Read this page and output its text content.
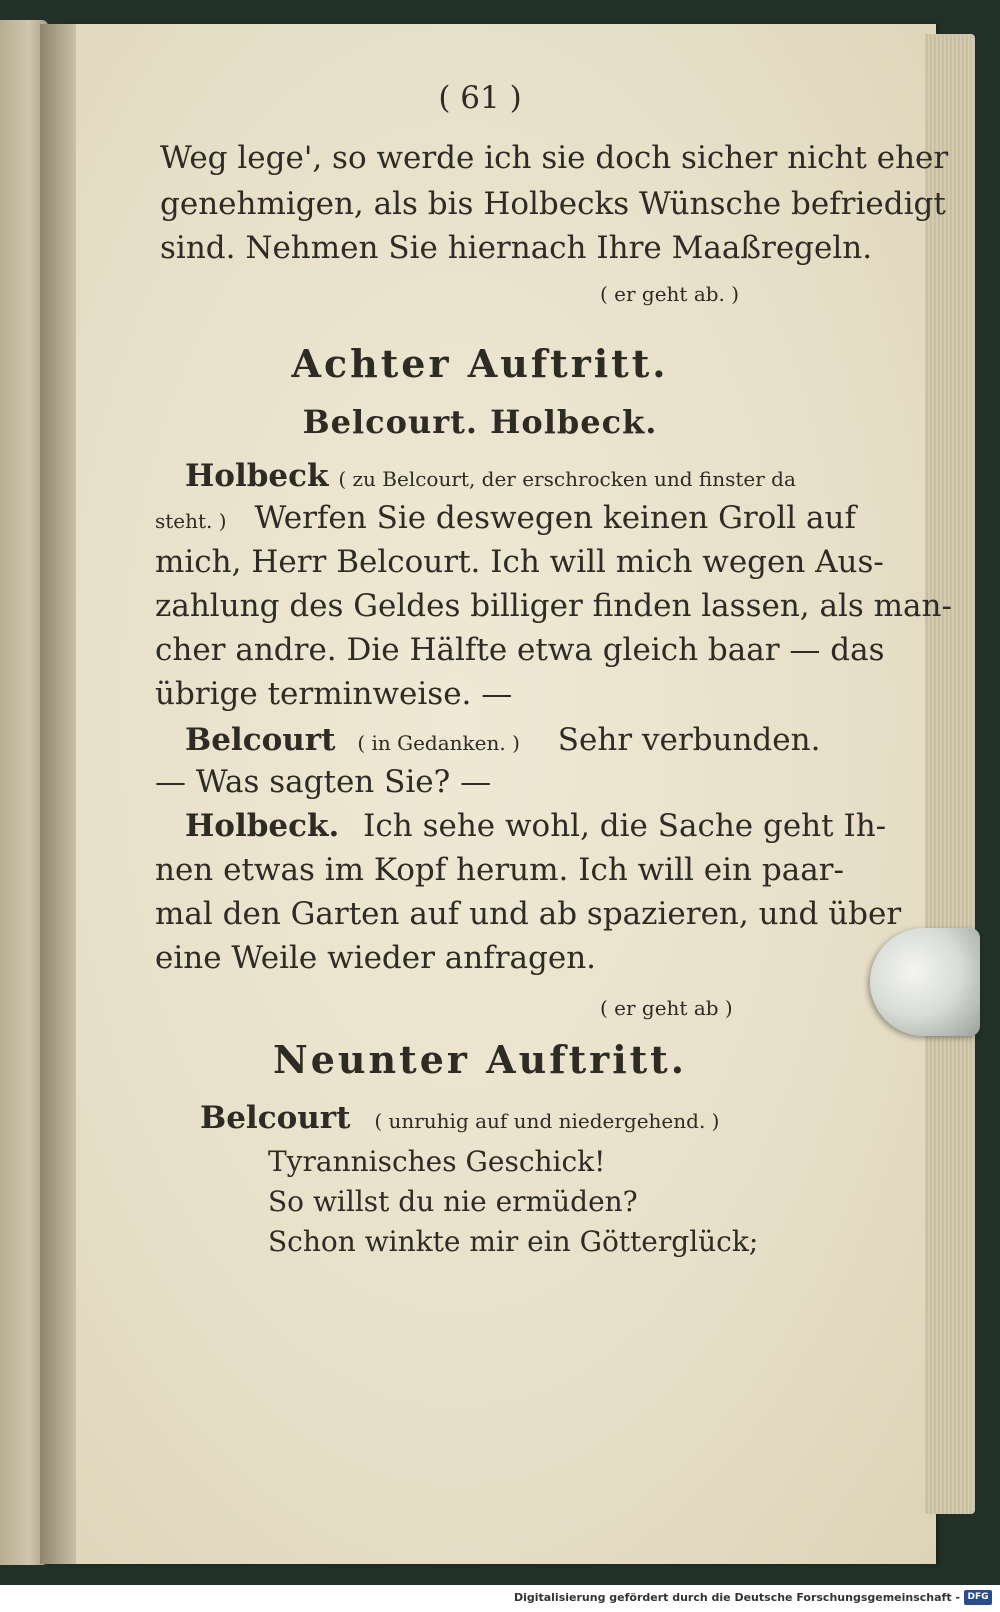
( 61 )
Weg lege', so werde ich sie doch sicher nicht eher
genehmigen, als bis Holbecks Wünsche befriedigt
sind. Nehmen Sie hiernach Ihre Maaßregeln.
( er geht ab. )
Achter Auftritt.
Belcourt. Holbeck.
Holbeck ( zu Belcourt, der erschrocken und finster da
steht. ) Werfen Sie deswegen keinen Groll auf
mich, Herr Belcourt. Ich will mich wegen Aus-
zahlung des Geldes billiger finden lassen, als man-
cher andre. Die Hälfte etwa gleich baar — das
übrige terminweise. —
Belcourt ( in Gedanken. ) Sehr verbunden.
— Was sagten Sie? —
Holbeck. Ich sehe wohl, die Sache geht Ih-
nen etwas im Kopf herum. Ich will ein paar-
mal den Garten auf und ab spazieren, und über
eine Weile wieder anfragen.
( er geht ab )
Neunter Auftritt.
Belcourt ( unruhig auf und niedergehend. )
Tyrannisches Geschick!
So willst du nie ermüden?
Schon winkte mir ein Götterglück;
Digitalisierung gefördert durch die Deutsche Forschungsgemeinschaft - DFG
